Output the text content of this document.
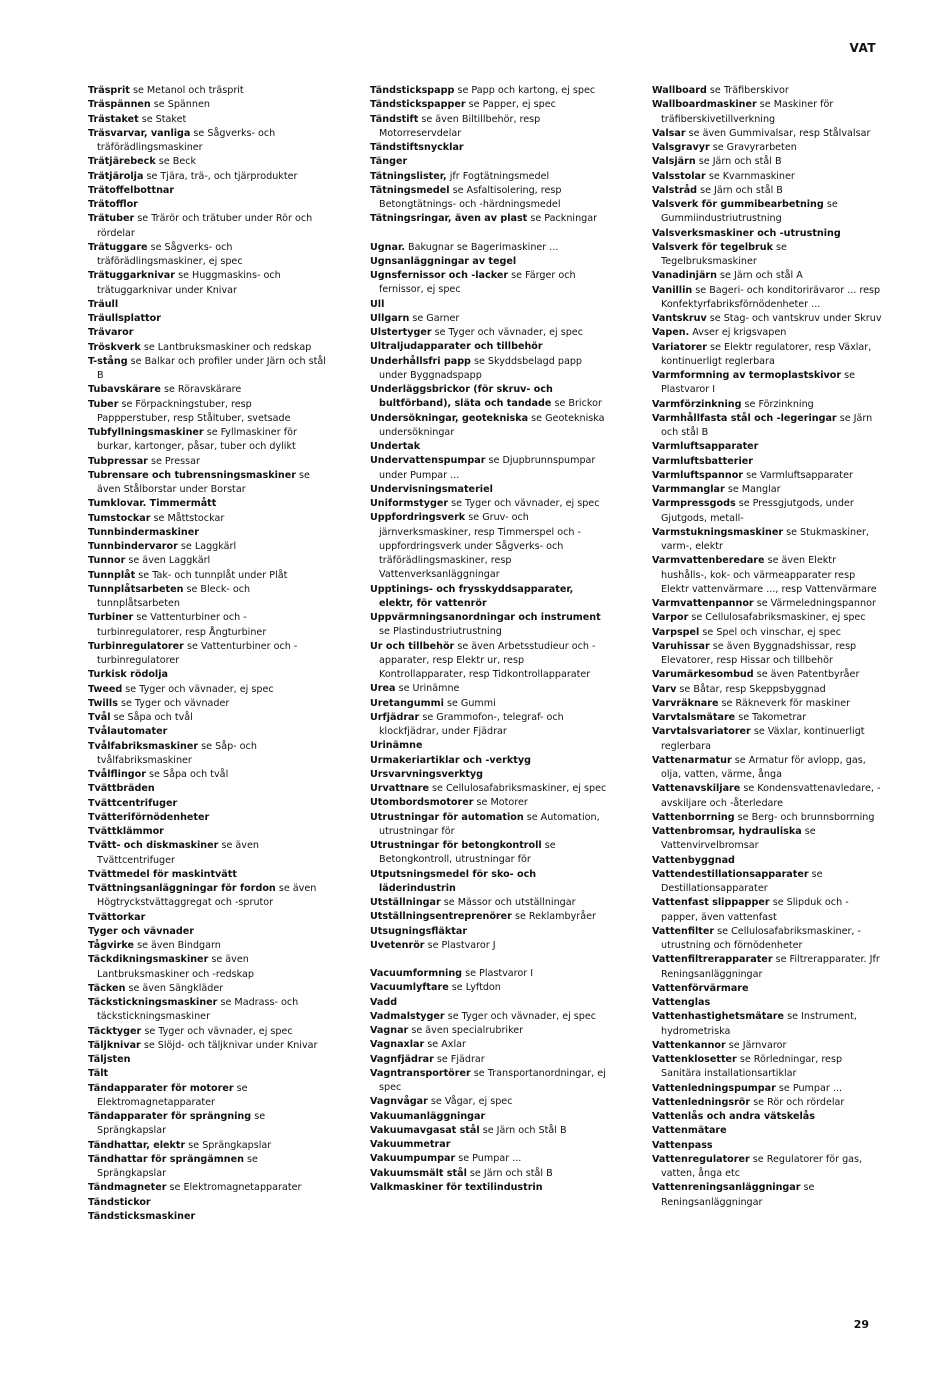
VAT
Träsprit se Metanol och träsprit
Träspännen se Spännen
Trästaket se Staket
Träsvarvar, vanliga se Sågverks- och träförädlingsmaskiner
Trätjärebeck se Beck
Trätjärolja se Tjära, trä-, och tjärprodukter
Trätoffelbottnar
Trätofflor
Trätuber se Trärör och trätuber under Rör och rördelar
Trätuggare se Sågverks- och träförädlingsmaskiner, ej spec
Trätuggarknivar se Huggmaskins- och trätuggarknivar under Knivar
Träull
Träullsplattor
Trävaror
Tröskverk se Lantbruksmaskiner och redskap
T-stång se Balkar och profiler under Järn och stål B
Tubavskärare se Röravskärare
Tuber se Förpackningstuber, resp Pappperstuber, resp Ståltuber, svetsade
Tubfyllningsmaskiner se Fyllmaskiner för burkar, kartonger, påsar, tuber och dylikt
Tubpressar se Pressar
Tubrensare och tubrensningsmaskiner se även Stålborstar under Borstar
Tumklovar. Timmermått
Tumstockar se Måttstockar
Tunnbindermaskiner
Tunnbindervaror se Laggkärl
Tunnor se även Laggkärl
Tunnplåt se Tak- och tunnplåt under Plåt
Tunnplåtsarbeten se Bleck- och tunnplåtsarbeten
Turbiner se Vattenturbiner och -turbinregulatorer, resp Ångturbiner
Turbinregulatorer se Vattenturbiner och -turbinregulatorer
Turkisk rödolja
Tweed se Tyger och vävnader, ej spec
Twills se Tyger och vävnader
Tvål se Såpa och tvål
Tvålautomater
Tvålfabriksmaskiner se Såp- och tvålfabriksmaskiner
Tvålflingor se Såpa och tvål
Tvättbräden
Tvättcentrifuger
Tvätteriförnödenheter
Tvättklämmor
Tvätt- och diskmaskiner se även Tvättcentrifuger
Tvättmedel för maskintvätt
Tvättningsanläggningar för fordon se även Högtryckstvättaggregat och -sprutor
Tvättorkar
Tyger och vävnader
Tågvirke se även Bindgarn
Täckdikningsmaskiner se även Lantbruksmaskiner och -redskap
Täcken se även Sängkläder
Täckstickningsmaskiner se Madrass- och täckstickningsmaskiner
Täcktyger se Tyger och vävnader, ej spec
Täljknivar se Slöjd- och täljknivar under Knivar
Täljsten
Tält
Tändapparater för motorer se Elektromagnetapparater
Tändapparater för sprängning se Sprängkapslar
Tändhattar, elektr se Sprängkapslar
Tändhattar för sprängämnen se Sprängkapslar
Tändmagneter se Elektromagnetapparater
Tändstickor
Tändsticksmaskiner
Tändstickspapp se Papp och kartong, ej spec
Tändstickspapper se Papper, ej spec
Tändstift se även Biltillbehör, resp Motorreservdelar
Tändstiftsnycklar
Tänger
Tätningslister, jfr Fogtätningsmedel
Tätningsmedel se Asfaltisolering, resp Betongtätnings- och -härdningsmedel
Tätningsringar, även av plast se Packningar
Ugnar. Bakugnar se Bagerimaskiner ...
Ugnsanläggningar av tegel
Ugnsfernissor och -lacker se Färger och fernissor, ej spec
Ull
Ullgarn se Garner
Ulstertyger se Tyger och vävnader, ej spec
Ultraljudapparater och tillbehör
Underhållsfri papp se Skyddsbelagd papp under Byggnadspapp
Underläggsbrickor (för skruv- och bultförband), släta och tandade se Brickor
Undersökningar, geotekniska se Geotekniska undersökningar
Undertak
Undervattenspumpar se Djupbrunnspumpar under Pumpar ...
Undervisningsmateriel
Uniformstyger se Tyger och vävnader, ej spec
Uppfordringsverk se Gruv- och järnverksmaskiner, resp Timmerspel och -uppfordringsverk under Sågverks- och träförädlingsmaskiner, resp Vattenverksanläggningar
Upptinings- och frysskyddsapparater, elektr, för vattenrör
Uppvärmningsanordningar och instrument se Plastindustriutrustning
Ur och tillbehör se även Arbetsstudieur och -apparater, resp Elektr ur, resp Kontrollapparater, resp Tidkontrollapparater
Urea se Urinämne
Uretangummi se Gummi
Urfjädrar se Grammofon-, telegraf- och klockfjädrar, under Fjädrar
Urinämne
Urmakeriartiklar och -verktyg
Ursvarvningsverktyg
Urvattnare se Cellulosafabriksmaskiner, ej spec
Utombordsmotorer se Motorer
Utrustningar för automation se Automation, utrustningar för
Utrustningar för betongkontroll se Betongkontroll, utrustningar för
Utputsningsmedel för sko- och läderindustrin
Utställningar se Mässor och utställningar
Utställningsentreprenörer se Reklambyråer
Utsugningsfläktar
Uvetenrör se Plastvaror J
Vacuumformning se Plastvaror I
Vacuumlyftare se Lyftdon
Vadd
Vadmalstyger se Tyger och vävnader, ej spec
Vagnar se även specialrubriker
Vagnaxlar se Axlar
Vagnfjädrar se Fjädrar
Vagntransportörer se Transportanordningar, ej spec
Vagnvågar se Vågar, ej spec
Vakuumanläggningar
Vakuumavgasat stål se Järn och Stål B
Vakuummetrar
Vakuumpumpar se Pumpar ...
Vakuumsmält stål se Järn och stål B
Valkmaskiner för textilindustrin
Wallboard se Träfiberskivor
Wallboardmaskiner se Maskiner för träfiberskivetillverkning
Valsar se även Gummivalsar, resp Stålvalsar
Valsgravyr se Gravyrarbeten
Valsjärn se Järn och stål B
Valsstolar se Kvarnmaskiner
Valstråd se Järn och stål B
Valsverk för gummibearbetning se Gummiindustriutrustning
Valsverksmaskiner och -utrustning
Valsverk för tegelbruk se Tegelbruksmaskiner
Vanadinjärn se Järn och stål A
Vanillin se Bageri- och konditorirävaror ... resp Konfektyrfabriksförnödenheter ...
Vantskruv se Stag- och vantskruv under Skruv
Vapen. Avser ej krigsvapen
Variatorer se Elektr regulatorer, resp Växlar, kontinuerligt reglerbara
Varmformning av termoplastskivor se Plastvaror I
Varmförzinkning se Förzinkning
Varmhållfasta stål och -legeringar se Järn och stål B
Varmluftsapparater
Varmluftsbatterier
Varmluftspannor se Varmluftsapparater
Varmmanglar se Manglar
Varmpressgods se Pressgjutgods, under Gjutgods, metall-
Varmstukningsmaskiner se Stukmaskiner, varm-, elektr
Varmvattenberedare se även Elektr hushålls-, kok- och värmeapparater resp Elektr vattenvärmare ..., resp Vattenvärmare
Varmvattenpannor se Värmeledningspannor
Varpor se Cellulosafabriksmaskiner, ej spec
Varpspel se Spel och vinschar, ej spec
Varuhissar se även Byggnadshissar, resp Elevatorer, resp Hissar och tillbehör
Varumärkesombud se även Patentbyråer
Varv se Båtar, resp Skeppsbyggnad
Varvräknare se Räkneverk för maskiner
Varvtalsmätare se Takometrar
Varvtalsvariatorer se Växlar, kontinuerligt reglerbara
Vattenarmatur se Armatur för avlopp, gas, olja, vatten, värme, ånga
Vattenavskiljare se Kondensvattenavledare, -avskiljare och -återledare
Vattenborrning se Berg- och brunnsborrning
Vattenbromsar, hydrauliska se Vattenvirvelbromsar
Vattenbyggnad
Vattendestillationsapparater se Destillationsapparater
Vattenfast slippapper se Slipduk och -papper, även vattenfast
Vattenfilter se Cellulosafabriksmaskiner, -utrustning och förnödenheter
Vattenfiltrerapparater se Filtrerapparater. Jfr Reningsanläggningar
Vattenförvärmare
Vattenglas
Vattenhastighetsmätare se Instrument, hydrometriska
Vattenkannor se Järnvaror
Vattenklosetter se Rörledningar, resp Sanitära installationsartiklar
Vattenledningspumpar se Pumpar ...
Vattenledningsrör se Rör och rördelar
Vattenlås och andra vätskelås
Vattenmätare
Vattenpass
Vattenregulatorer se Regulatorer för gas, vatten, ånga etc
Vattenreningsanläggningar se Reningsanläggningar
29
